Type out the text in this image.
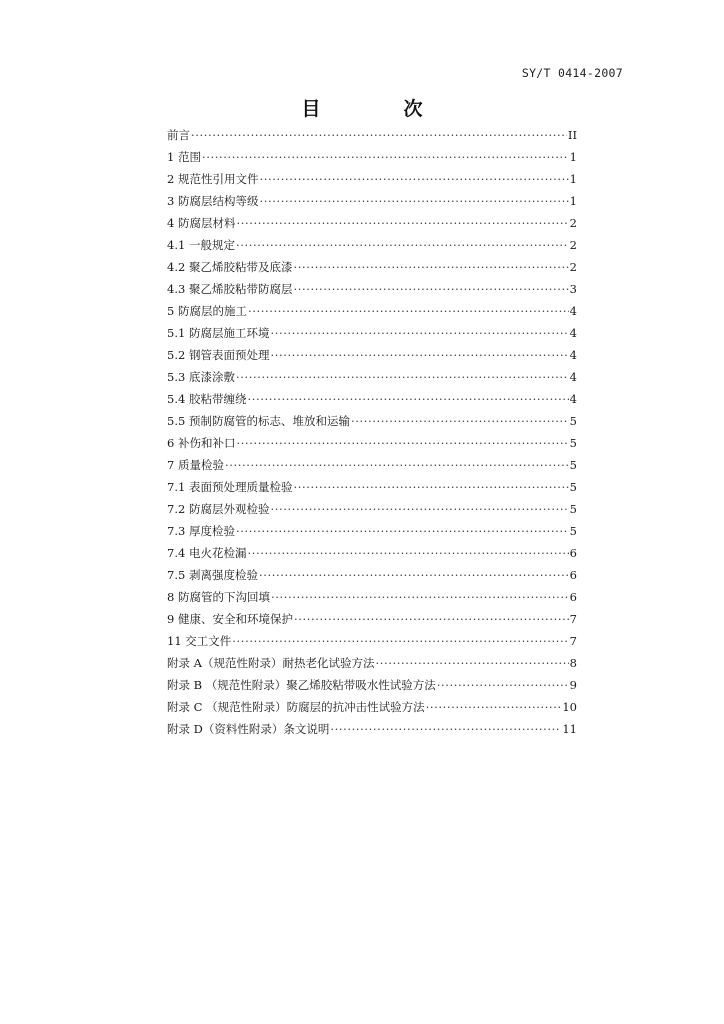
SY/T 0414-2007
目　次
前言 ·····	II
1 范围 ·····	1
2 规范性引用文件 ·····	1
3 防腐层结构等级 ·····	1
4 防腐层材料 ·····	2
4.1 一般规定 ·····	2
4.2 聚乙烯胶粘带及底漆 ·····	2
4.3 聚乙烯胶粘带防腐层 ·····	3
5 防腐层的施工 ·····	4
5.1 防腐层施工环境 ·····	4
5.2 钢管表面预处理 ·····	4
5.3 底漆涂敷 ·····	4
5.4 胶粘带缠绕 ·····	4
5.5 预制防腐管的标志、堆放和运输 ·····	5
6 补伤和补口 ·····	5
7 质量检验 ·····	5
7.1 表面预处理质量检验 ·····	5
7.2 防腐层外观检验 ·····	5
7.3 厚度检验 ·····	5
7.4 电火花检漏 ·····	6
7.5 剥离强度检验 ·····	6
8 防腐管的下沟回填 ·····	6
9 健康、安全和环境保护 ·····	7
11 交工文件 ·····	7
附录 A（规范性附录）耐热老化试验方法 ·····	8
附录 B （规范性附录）聚乙烯胶粘带吸水性试验方法 ·····	9
附录 C （规范性附录）防腐层的抗冲击性试验方法 ·····	10
附录 D（资料性附录）条文说明 ·····	11
